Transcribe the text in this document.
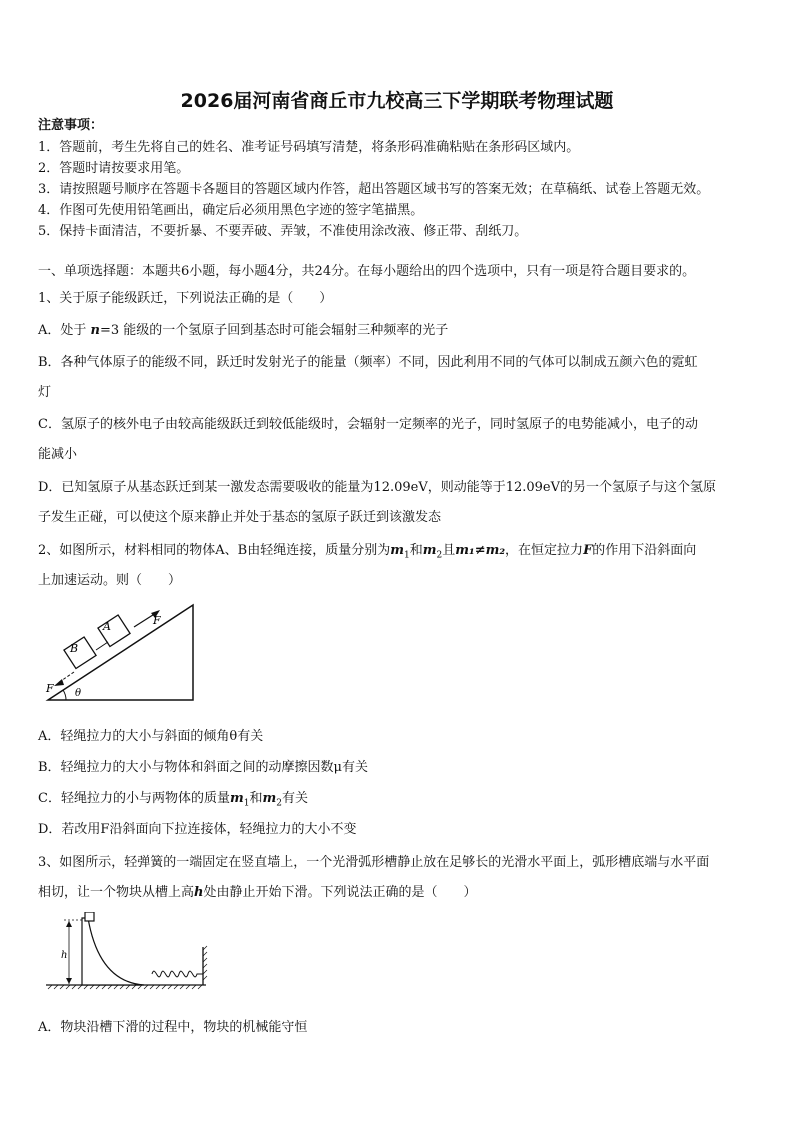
2026届河南省商丘市九校高三下学期联考物理试题
注意事项：
1．答题前，考生先将自己的姓名、准考证号码填写清楚，将条形码准确粘贴在条形码区域内。
2．答题时请按要求用笔。
3．请按照题号顺序在答题卡各题目的答题区域内作答，超出答题区域书写的答案无效；在草稿纸、试卷上答题无效。
4．作图可先使用铅笔画出，确定后必须用黑色字迹的签字笔描黑。
5．保持卡面清洁，不要折暴、不要弄破、弄皱，不准使用涂改液、修正带、刮纸刀。
一、单项选择题：本题共6小题，每小题4分，共24分。在每小题给出的四个选项中，只有一项是符合题目要求的。
1、关于原子能级跃迁，下列说法正确的是（　　）
A．处于 n=3 能级的一个氢原子回到基态时可能会辐射三种频率的光子
B．各种气体原子的能级不同，跃迁时发射光子的能量（频率）不同，因此利用不同的气体可以制成五颜六色的霓虹
灯
C．氢原子的核外电子由较高能级跃迁到较低能级时，会辐射一定频率的光子，同时氢原子的电势能减小，电子的动
能减小
D．已知氢原子从基态跃迁到某一激发态需要吸收的能量为12.09eV，则动能等于12.09eV的另一个氢原子与这个氢原
子发生正碰，可以使这个原来静止并处于基态的氢原子跃迁到该激发态
2、如图所示，材料相同的物体A、B由轻绳连接，质量分别为$m_1$和$m_2$且m₁≠m₂，在恒定拉力F的作用下沿斜面向
上加速运动。则（　　）
A
B
F
F θ
A．轻绳拉力的大小与斜面的倾角θ有关
B．轻绳拉力的大小与物体和斜面之间的动摩擦因数μ有关
C．轻绳拉力的小与两物体的质量$m_1$和$m_2$有关
D．若改用F沿斜面向下拉连接体，轻绳拉力的大小不变
3、如图所示，轻弹簧的一端固定在竖直墙上，一个光滑弧形槽静止放在足够长的光滑水平面上，弧形槽底端与水平面
相切，让一个物块从槽上高h处由静止开始下滑。下列说法正确的是（　　）
h
A．物块沿槽下滑的过程中，物块的机械能守恒
